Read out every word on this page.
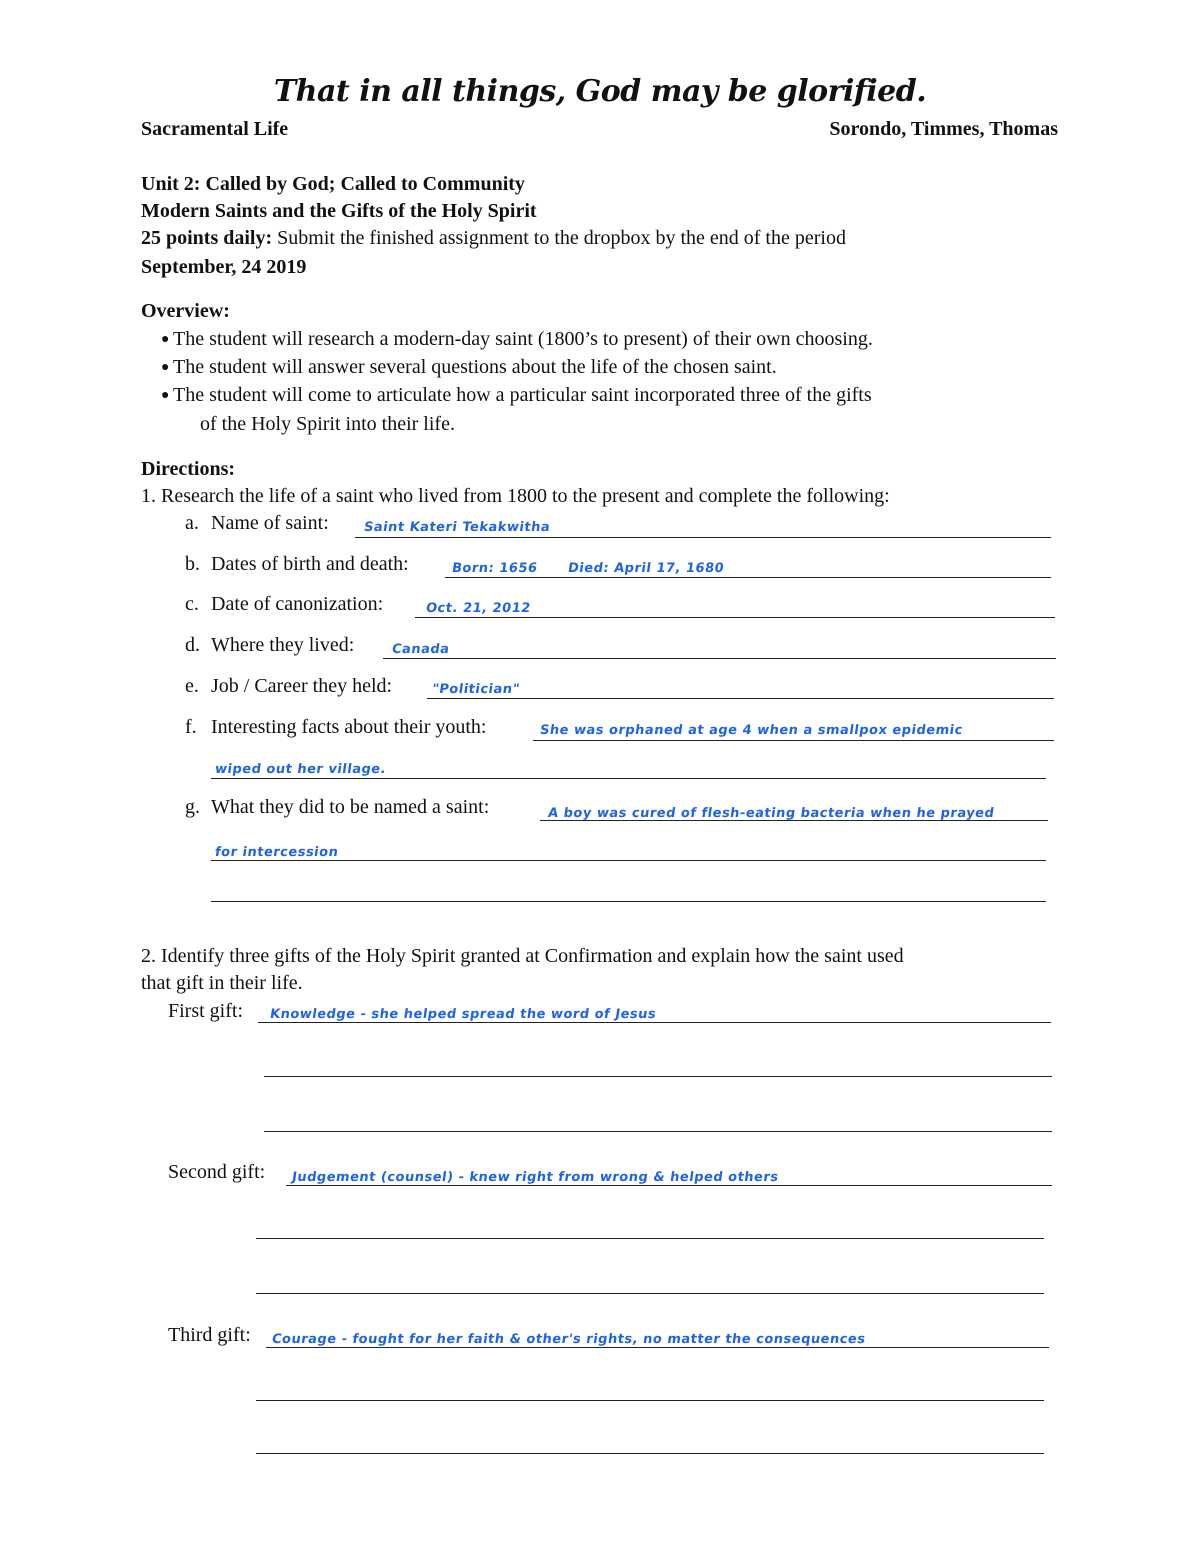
That in all things, God may be glorified.
Sacramental Life	Sorondo, Timmes, Thomas
Unit 2: Called by God; Called to Community
Modern Saints and the Gifts of the Holy Spirit
25 points daily: Submit the finished assignment to the dropbox by the end of the period
September, 24 2019
Overview:
● The student will research a modern-day saint (1800’s to present) of their own choosing.
● The student will answer several questions about the life of the chosen saint.
● The student will come to articulate how a particular saint incorporated three of the gifts
of the Holy Spirit into their life.
Directions:
1. Research the life of a saint who lived from 1800 to the present and complete the following:
a. Name of saint:	Saint Kateri Tekakwitha
b. Dates of birth and death:	Born: 1656 Died: April 17, 1680
c. Date of canonization:	Oct. 21, 2012
d. Where they lived:	Canada
e. Job / Career they held:	"Politician"
f. Interesting facts about their youth:	She was orphaned at age 4 when a smallpox epidemic
wiped out her village.
g. What they did to be named a saint:	A boy was cured of flesh-eating bacteria when he prayed
for intercession
2. Identify three gifts of the Holy Spirit granted at Confirmation and explain how the saint used
that gift in their life.
First gift: Knowledge - she helped spread the word of Jesus
Second gift: Judgement (counsel) - knew right from wrong & helped others
Third gift: Courage - fought for her faith & other's rights, no matter the consequences
